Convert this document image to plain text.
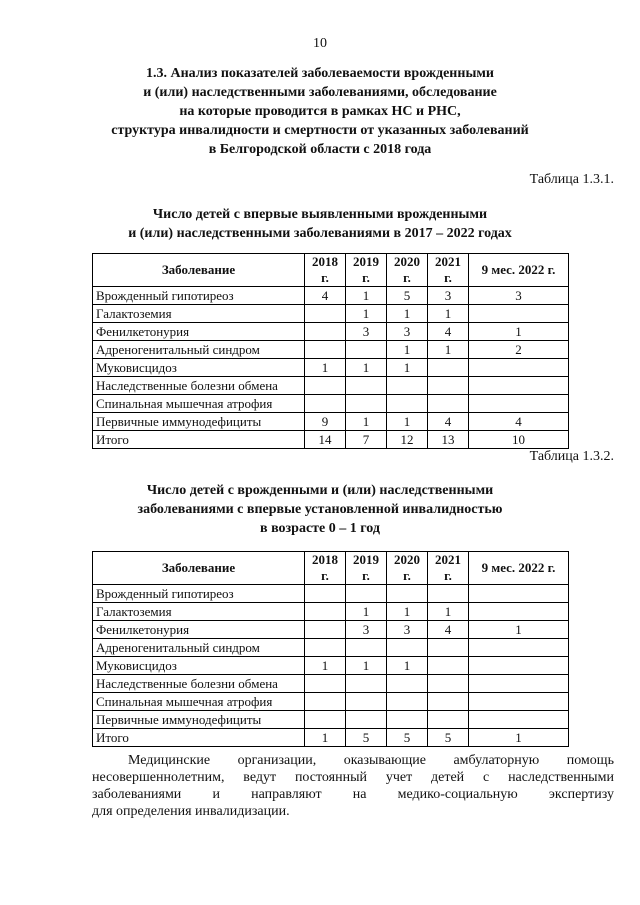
10
1.3. Анализ показателей заболеваемости врожденными
и (или) наследственными заболеваниями, обследование
на которые проводится в рамках НС и РНС,
структура инвалидности и смертности от указанных заболеваний
в Белгородской области с 2018 года
Таблица 1.3.1.
Число детей с впервые выявленными врожденными
и (или) наследственными заболеваниями в 2017 – 2022 годах
Заболевание	2018 г.	2019 г.	2020 г.	2021 г.	9 мес. 2022 г.
Врожденный гипотиреоз	4	1	5	3	3
Галактоземия		1	1	1	
Фенилкетонурия		3	3	4	1
Адреногенитальный синдром			1	1	2
Муковисцидоз	1	1	1		
Наследственные болезни обмена					
Спинальная мышечная атрофия					
Первичные иммунодефициты	9	1	1	4	4
Итого	14	7	12	13	10
Таблица 1.3.2.
Число детей с врожденными и (или) наследственными
заболеваниями с впервые установленной инвалидностью
в возрасте 0 – 1 год
Заболевание	2018 г.	2019 г.	2020 г.	2021 г.	9 мес. 2022 г.
Врожденный гипотиреоз					
Галактоземия		1	1	1	
Фенилкетонурия		3	3	4	1
Адреногенитальный синдром					
Муковисцидоз	1	1	1		
Наследственные болезни обмена					
Спинальная мышечная атрофия					
Первичные иммунодефициты					
Итого	1	5	5	5	1
Медицинские организации, оказывающие амбулаторную помощь
несовершеннолетним, ведут постоянный учет детей с наследственными
заболеваниями и направляют на медико-социальную экспертизу
для определения инвалидизации.
